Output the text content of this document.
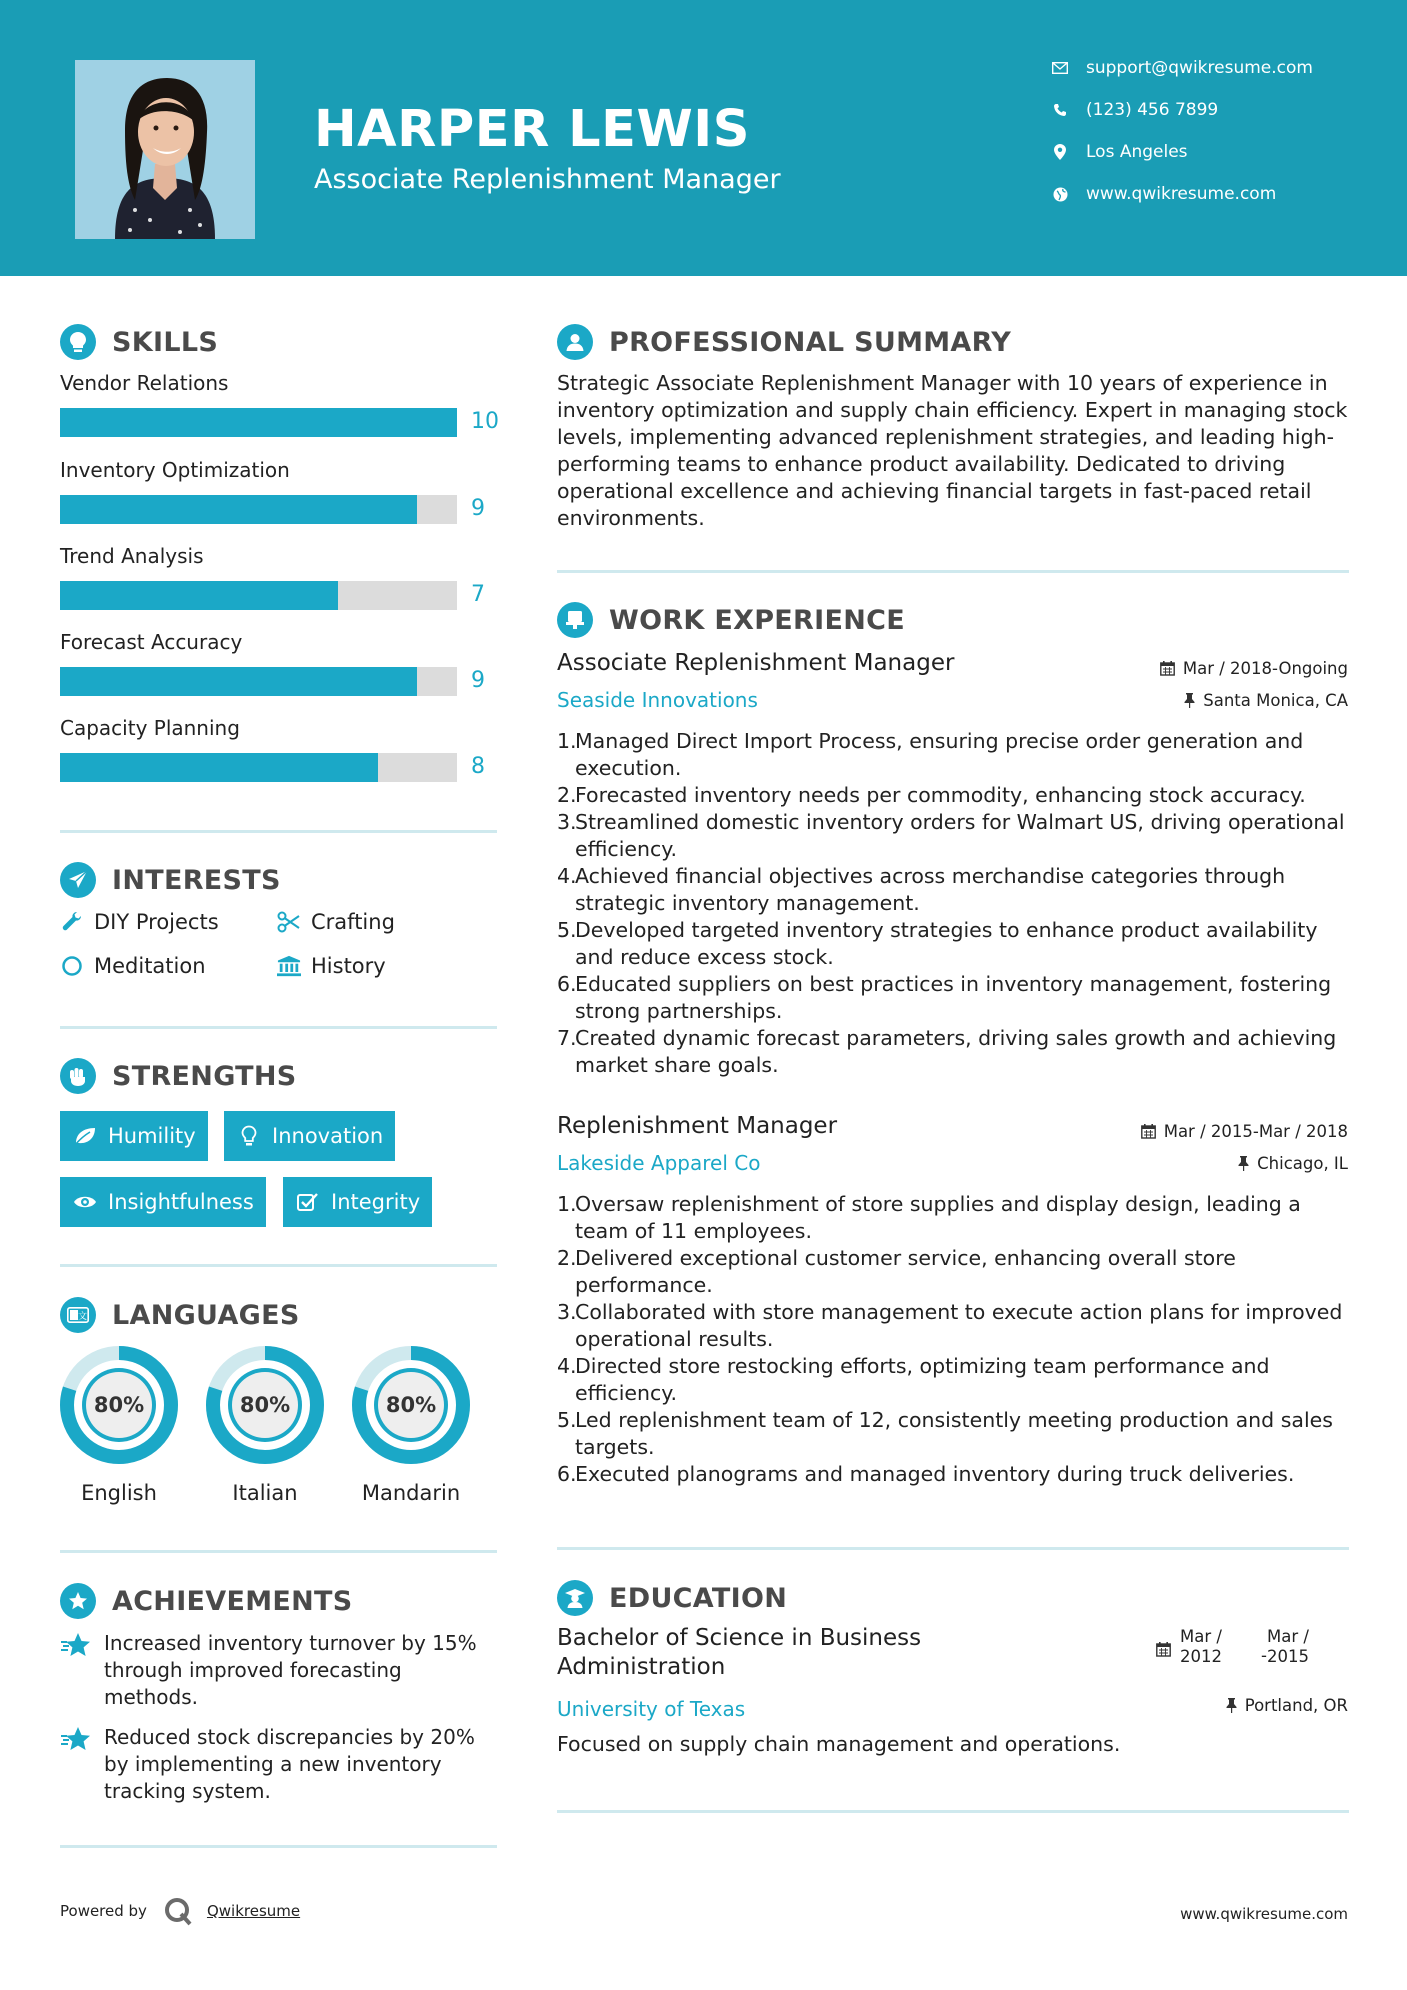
HARPER LEWIS
Associate Replenishment Manager
support@qwikresume.com
(123) 456 7899
Los Angeles
www.qwikresume.com
SKILLS
Vendor Relations
10
Inventory Optimization
9
Trend Analysis
7
Forecast Accuracy
9
Capacity Planning
8
INTERESTS
DIY Projects	Crafting
Meditation	History
STRENGTHS
Humility	Innovation
Insightfulness	Integrity
文 LANGUAGES
80%
English
80%
Italian
80%
Mandarin
ACHIEVEMENTS
Increased inventory turnover by 15% through improved forecasting methods.
Reduced stock discrepancies by 20% by implementing a new inventory tracking system.
PROFESSIONAL SUMMARY
Strategic Associate Replenishment Manager with 10 years of experience in inventory optimization and supply chain efficiency. Expert in managing stock levels, implementing advanced replenishment strategies, and leading high-performing teams to enhance product availability. Dedicated to driving operational excellence and achieving financial targets in fast-paced retail environments.
WORK EXPERIENCE
Associate Replenishment Manager	Mar / 2018-Ongoing
Seaside Innovations	Santa Monica, CA
1.
Managed Direct Import Process, ensuring precise order generation and execution.
2.
Forecasted inventory needs per commodity, enhancing stock accuracy.
3.
Streamlined domestic inventory orders for Walmart US, driving operational efficiency.
4.
Achieved financial objectives across merchandise categories through strategic inventory management.
5.
Developed targeted inventory strategies to enhance product availability and reduce excess stock.
6.
Educated suppliers on best practices in inventory management, fostering strong partnerships.
7.
Created dynamic forecast parameters, driving sales growth and achieving market share goals.
Replenishment Manager	Mar / 2015-Mar / 2018
Lakeside Apparel Co	Chicago, IL
1.
Oversaw replenishment of store supplies and display design, leading a team of 11 employees.
2.
Delivered exceptional customer service, enhancing overall store performance.
3.
Collaborated with store management to execute action plans for improved operational results.
4.
Directed store restocking efforts, optimizing team performance and efficiency.
5.
Led replenishment team of 12, consistently meeting production and sales targets.
6.
Executed planograms and managed inventory during truck deliveries.
EDUCATION
Bachelor of Science in Business Administration
Mar / 2012	-
Mar / 2015
University of Texas	Portland, OR
Focused on supply chain management and operations.
Powered by	Qwikresume	www.qwikresume.com
